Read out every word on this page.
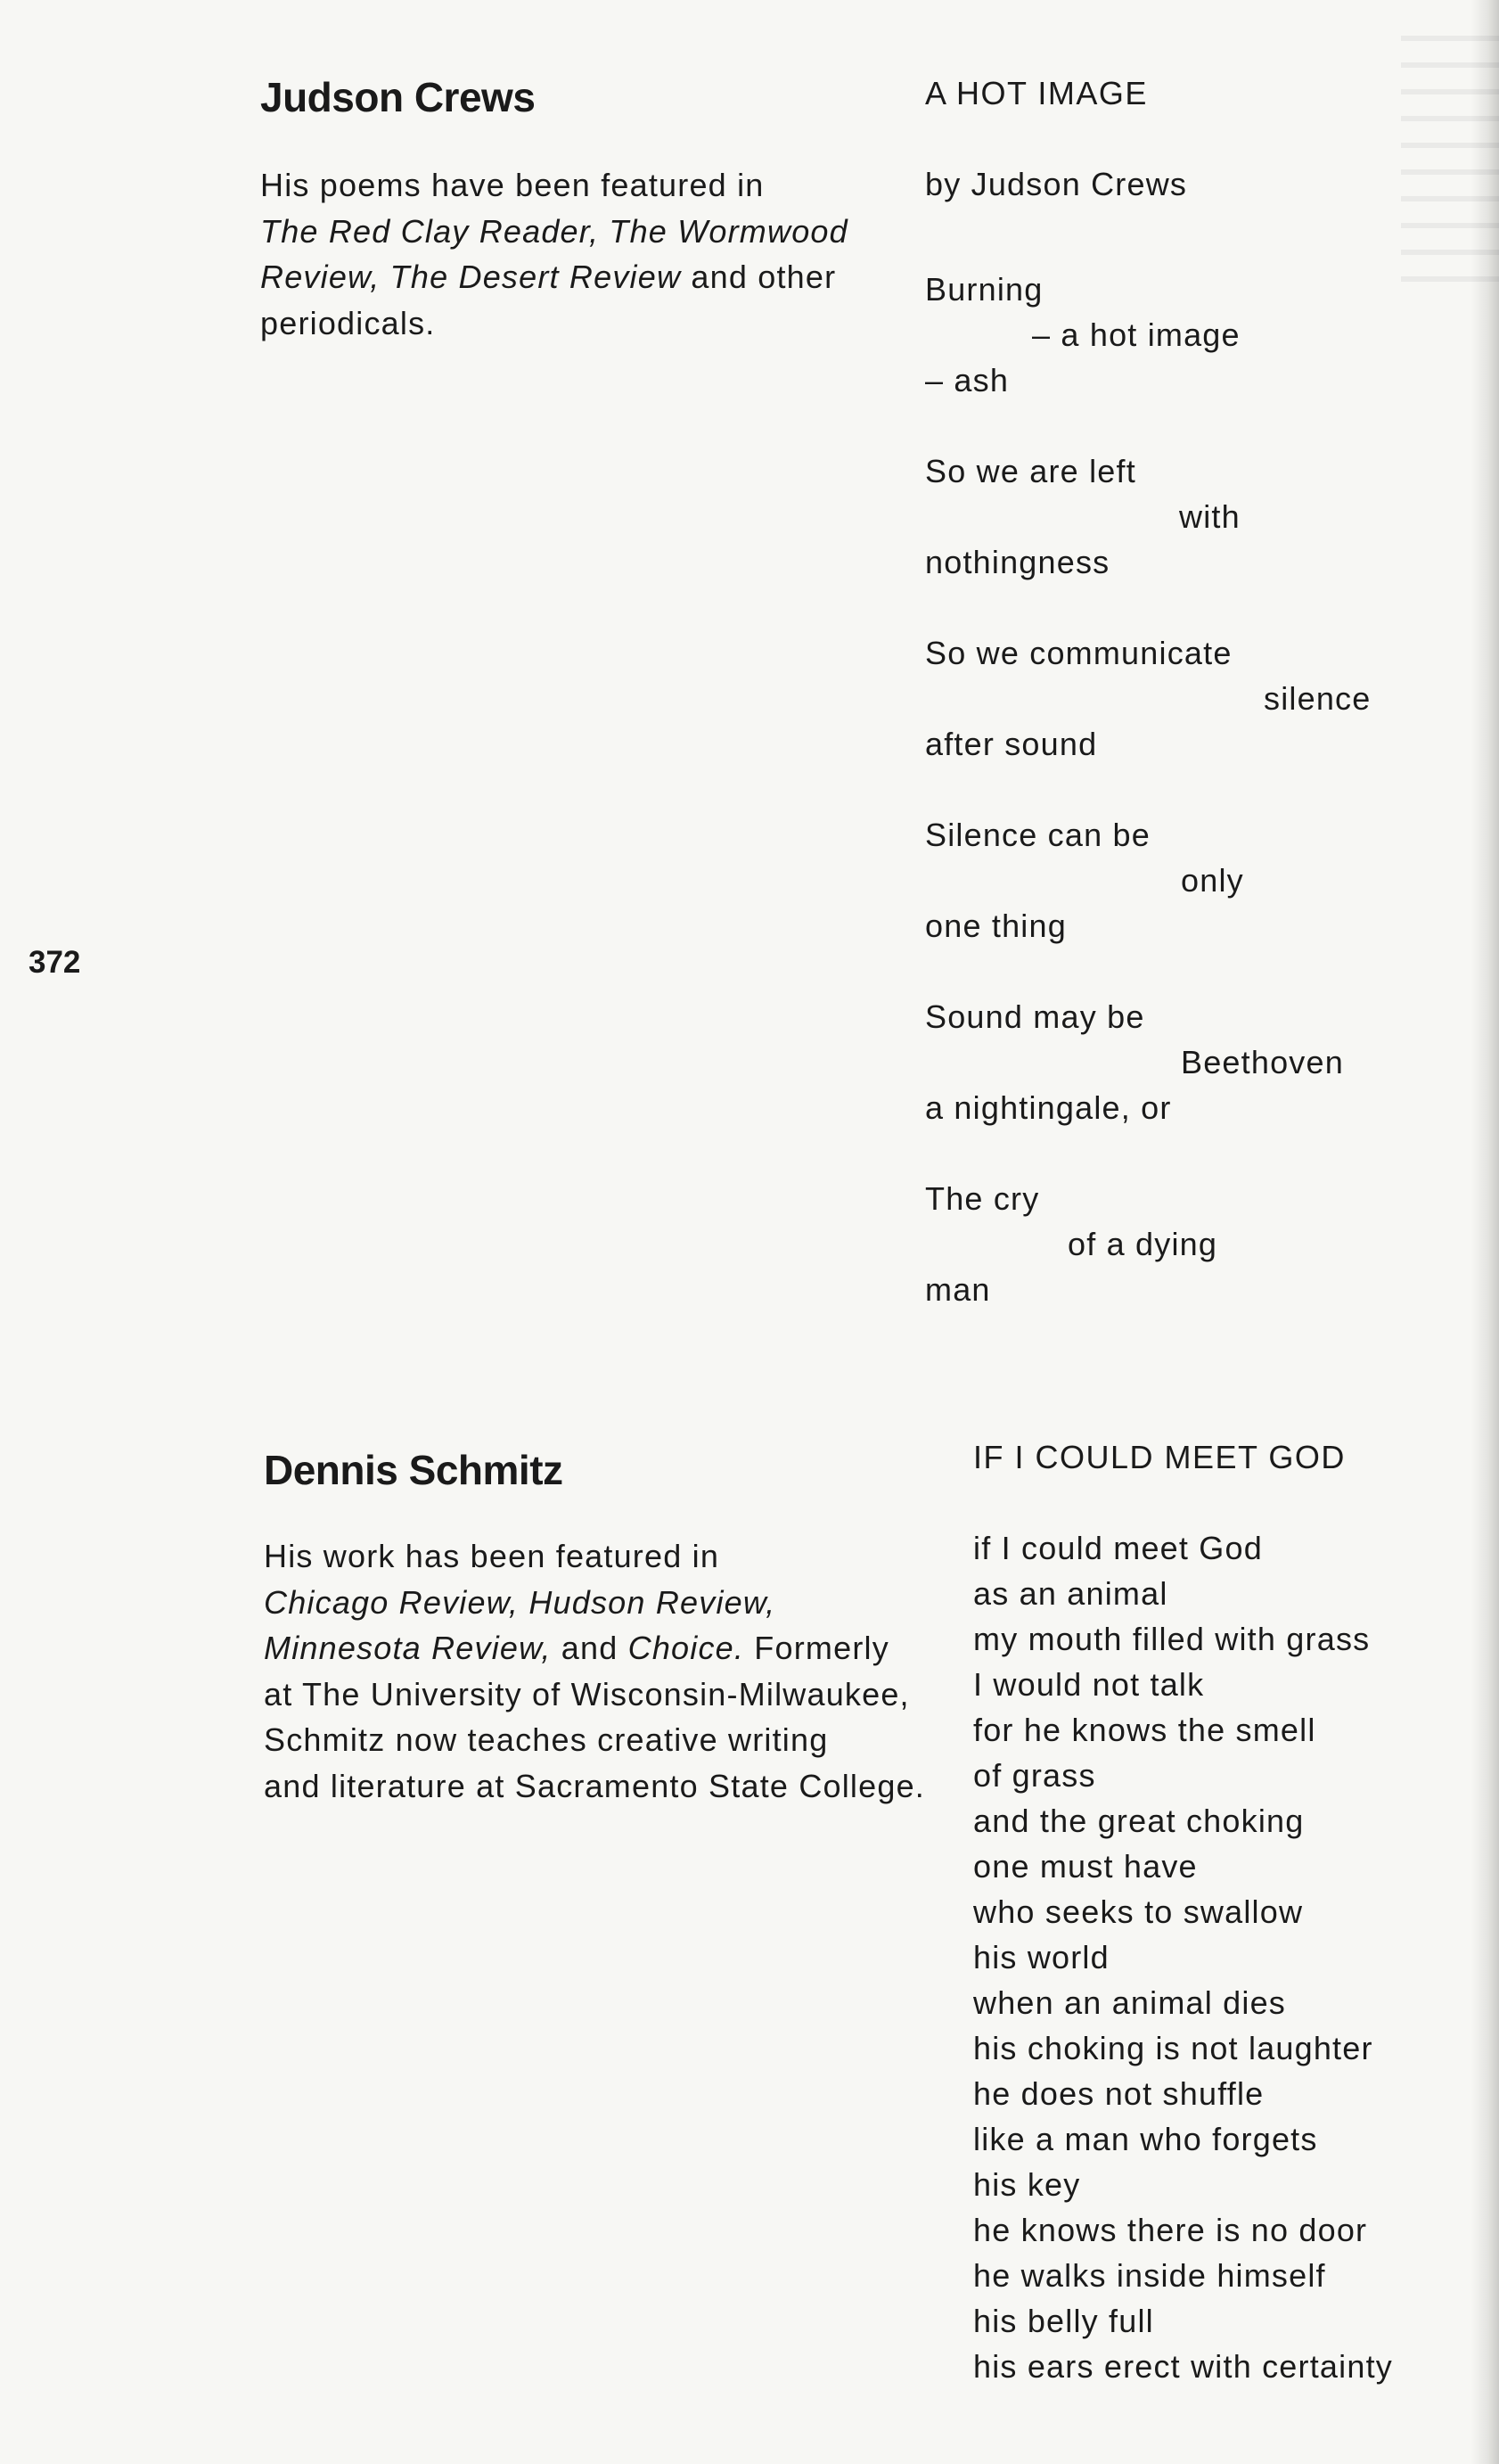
Judson Crews
His poems have been featured in
The Red Clay Reader, The Wormwood
Review, The Desert Review and other
periodicals.
A HOT IMAGE
by Judson Crews
Burning
– a hot image
– ash
So we are left
with
nothingness
So we communicate
silence
after sound
Silence can be
only
one thing
Sound may be
Beethoven
a nightingale, or
The cry
of a dying
man
372
Dennis Schmitz
His work has been featured in
Chicago Review, Hudson Review,
Minnesota Review, and Choice. Formerly
at The University of Wisconsin-Milwaukee,
Schmitz now teaches creative writing
and literature at Sacramento State College.
IF I COULD MEET GOD
if I could meet God
as an animal
my mouth filled with grass
I would not talk
for he knows the smell
of grass
and the great choking
one must have
who seeks to swallow
his world
when an animal dies
his choking is not laughter
he does not shuffle
like a man who forgets
his key
he knows there is no door
he walks inside himself
his belly full
his ears erect with certainty
